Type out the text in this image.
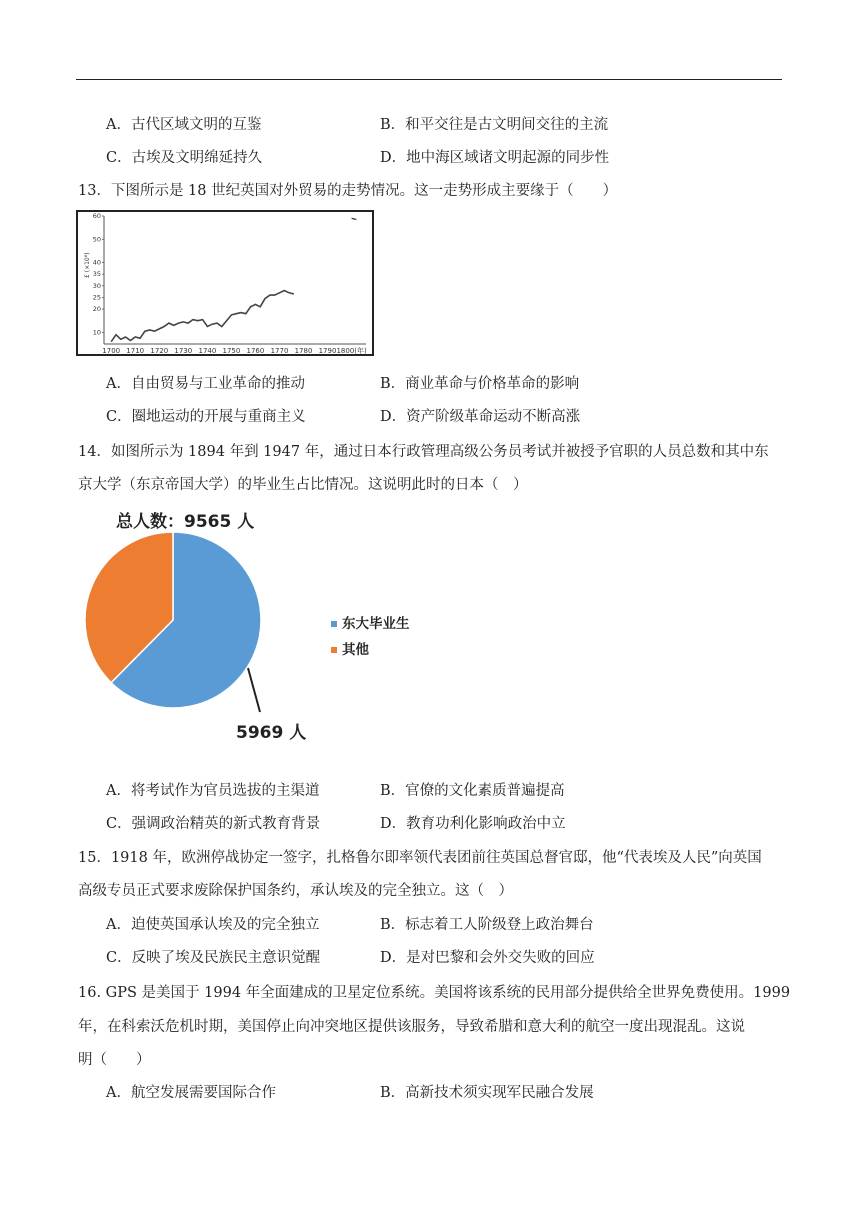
A．古代区域文明的互鉴	B．和平交往是古文明间交往的主流
C．古埃及文明绵延持久	D．地中海区域诸文明起源的同步性
13．下图所示是 18 世纪英国对外贸易的走势情况。这一走势形成主要缘于（　　）
£ (×10⁶)
10
20
25
30
35
40
50
60
1700 1710 1720 1730 1740 1750 1760 1770 1780 1790 1800(年)
A．自由贸易与工业革命的推动	B．商业革命与价格革命的影响
C．圈地运动的开展与重商主义	D．资产阶级革命运动不断高涨
14．如图所示为 1894 年到 1947 年，通过日本行政管理高级公务员考试并被授予官职的人员总数和其中东
京大学（东京帝国大学）的毕业生占比情况。这说明此时的日本（　）
总人数：9565 人
5969 人
东大毕业生
其他
A．将考试作为官员选拔的主渠道	B．官僚的文化素质普遍提高
C．强调政治精英的新式教育背景	D．教育功利化影响政治中立
15．1918 年，欧洲停战协定一签字，扎格鲁尔即率领代表团前往英国总督官邸，他“代表埃及人民”向英国
高级专员正式要求废除保护国条约，承认埃及的完全独立。这（　）
A．迫使英国承认埃及的完全独立	B．标志着工人阶级登上政治舞台
C．反映了埃及民族民主意识觉醒	D．是对巴黎和会外交失败的回应
16. GPS 是美国于 1994 年全面建成的卫星定位系统。美国将该系统的民用部分提供给全世界免费使用。1999
年，在科索沃危机时期，美国停止向冲突地区提供该服务，导致希腊和意大利的航空一度出现混乱。这说
明（　　）
A．航空发展需要国际合作	B．高新技术须实现军民融合发展
